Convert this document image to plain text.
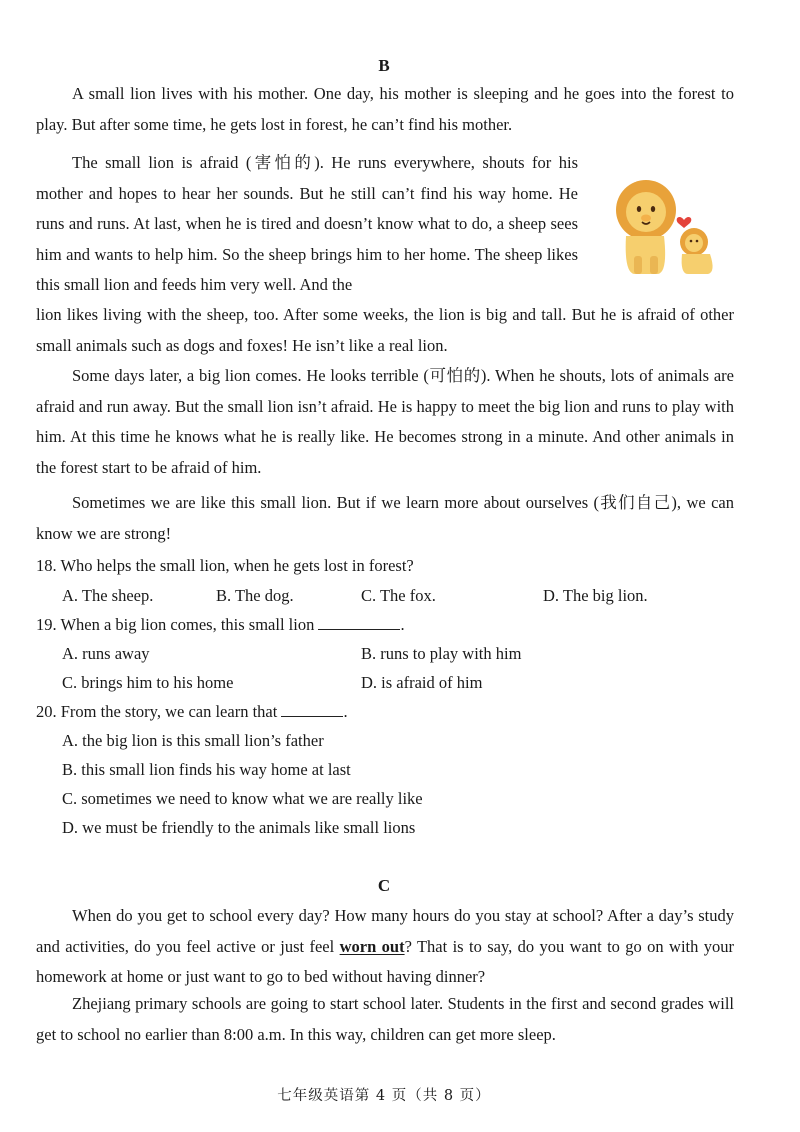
B

A small lion lives with his mother. One day, his mother is sleeping and he goes into the forest to play. But after some time, he gets lost in forest, he can’t find his mother.

The small lion is afraid (害怕的). He runs everywhere, shouts for his mother and hopes to hear her sounds. But he still can’t find his way home. He runs and runs. At last, when he is tired and doesn’t know what to do, a sheep sees him and wants to help him. So the sheep brings him to her home. The sheep likes this small lion and feeds him very well. And the

lion likes living with the sheep, too. After some weeks, the lion is big and tall. But he is afraid of other small animals such as dogs and foxes! He isn’t like a real lion.

Some days later, a big lion comes. He looks terrible (可怕的). When he shouts, lots of animals are afraid and run away. But the small lion isn’t afraid. He is happy to meet the big lion and runs to play with him. At this time he knows what he is really like. He becomes strong in a minute. And other animals in the forest start to be afraid of him.

Sometimes we are like this small lion. But if we learn more about ourselves (我们自己), we can know we are strong!

18. Who helps the small lion, when he gets lost in forest?
A. The sheep.	B. The dog.	C. The fox.	D. The big lion.
19. When a big lion comes, this small lion	.
A. runs away	B. runs to play with him
C. brings him to his home	D. is afraid of him
20. From the story, we can learn that	.
A. the big lion is this small lion’s father
B. this small lion finds his way home at last
C. sometimes we need to know what we are really like
D. we must be friendly to the animals like small lions
C

When do you get to school every day? How many hours do you stay at school? After a day’s study and activities, do you feel active or just feel worn out? That is to say, do you want to go on with your homework at home or just want to go to bed without having dinner?

Zhejiang primary schools are going to start school later. Students in the first and second grades will get to school no earlier than 8:00 a.m. In this way, children can get more sleep.

七年级英语第 4 页（共 8 页）
